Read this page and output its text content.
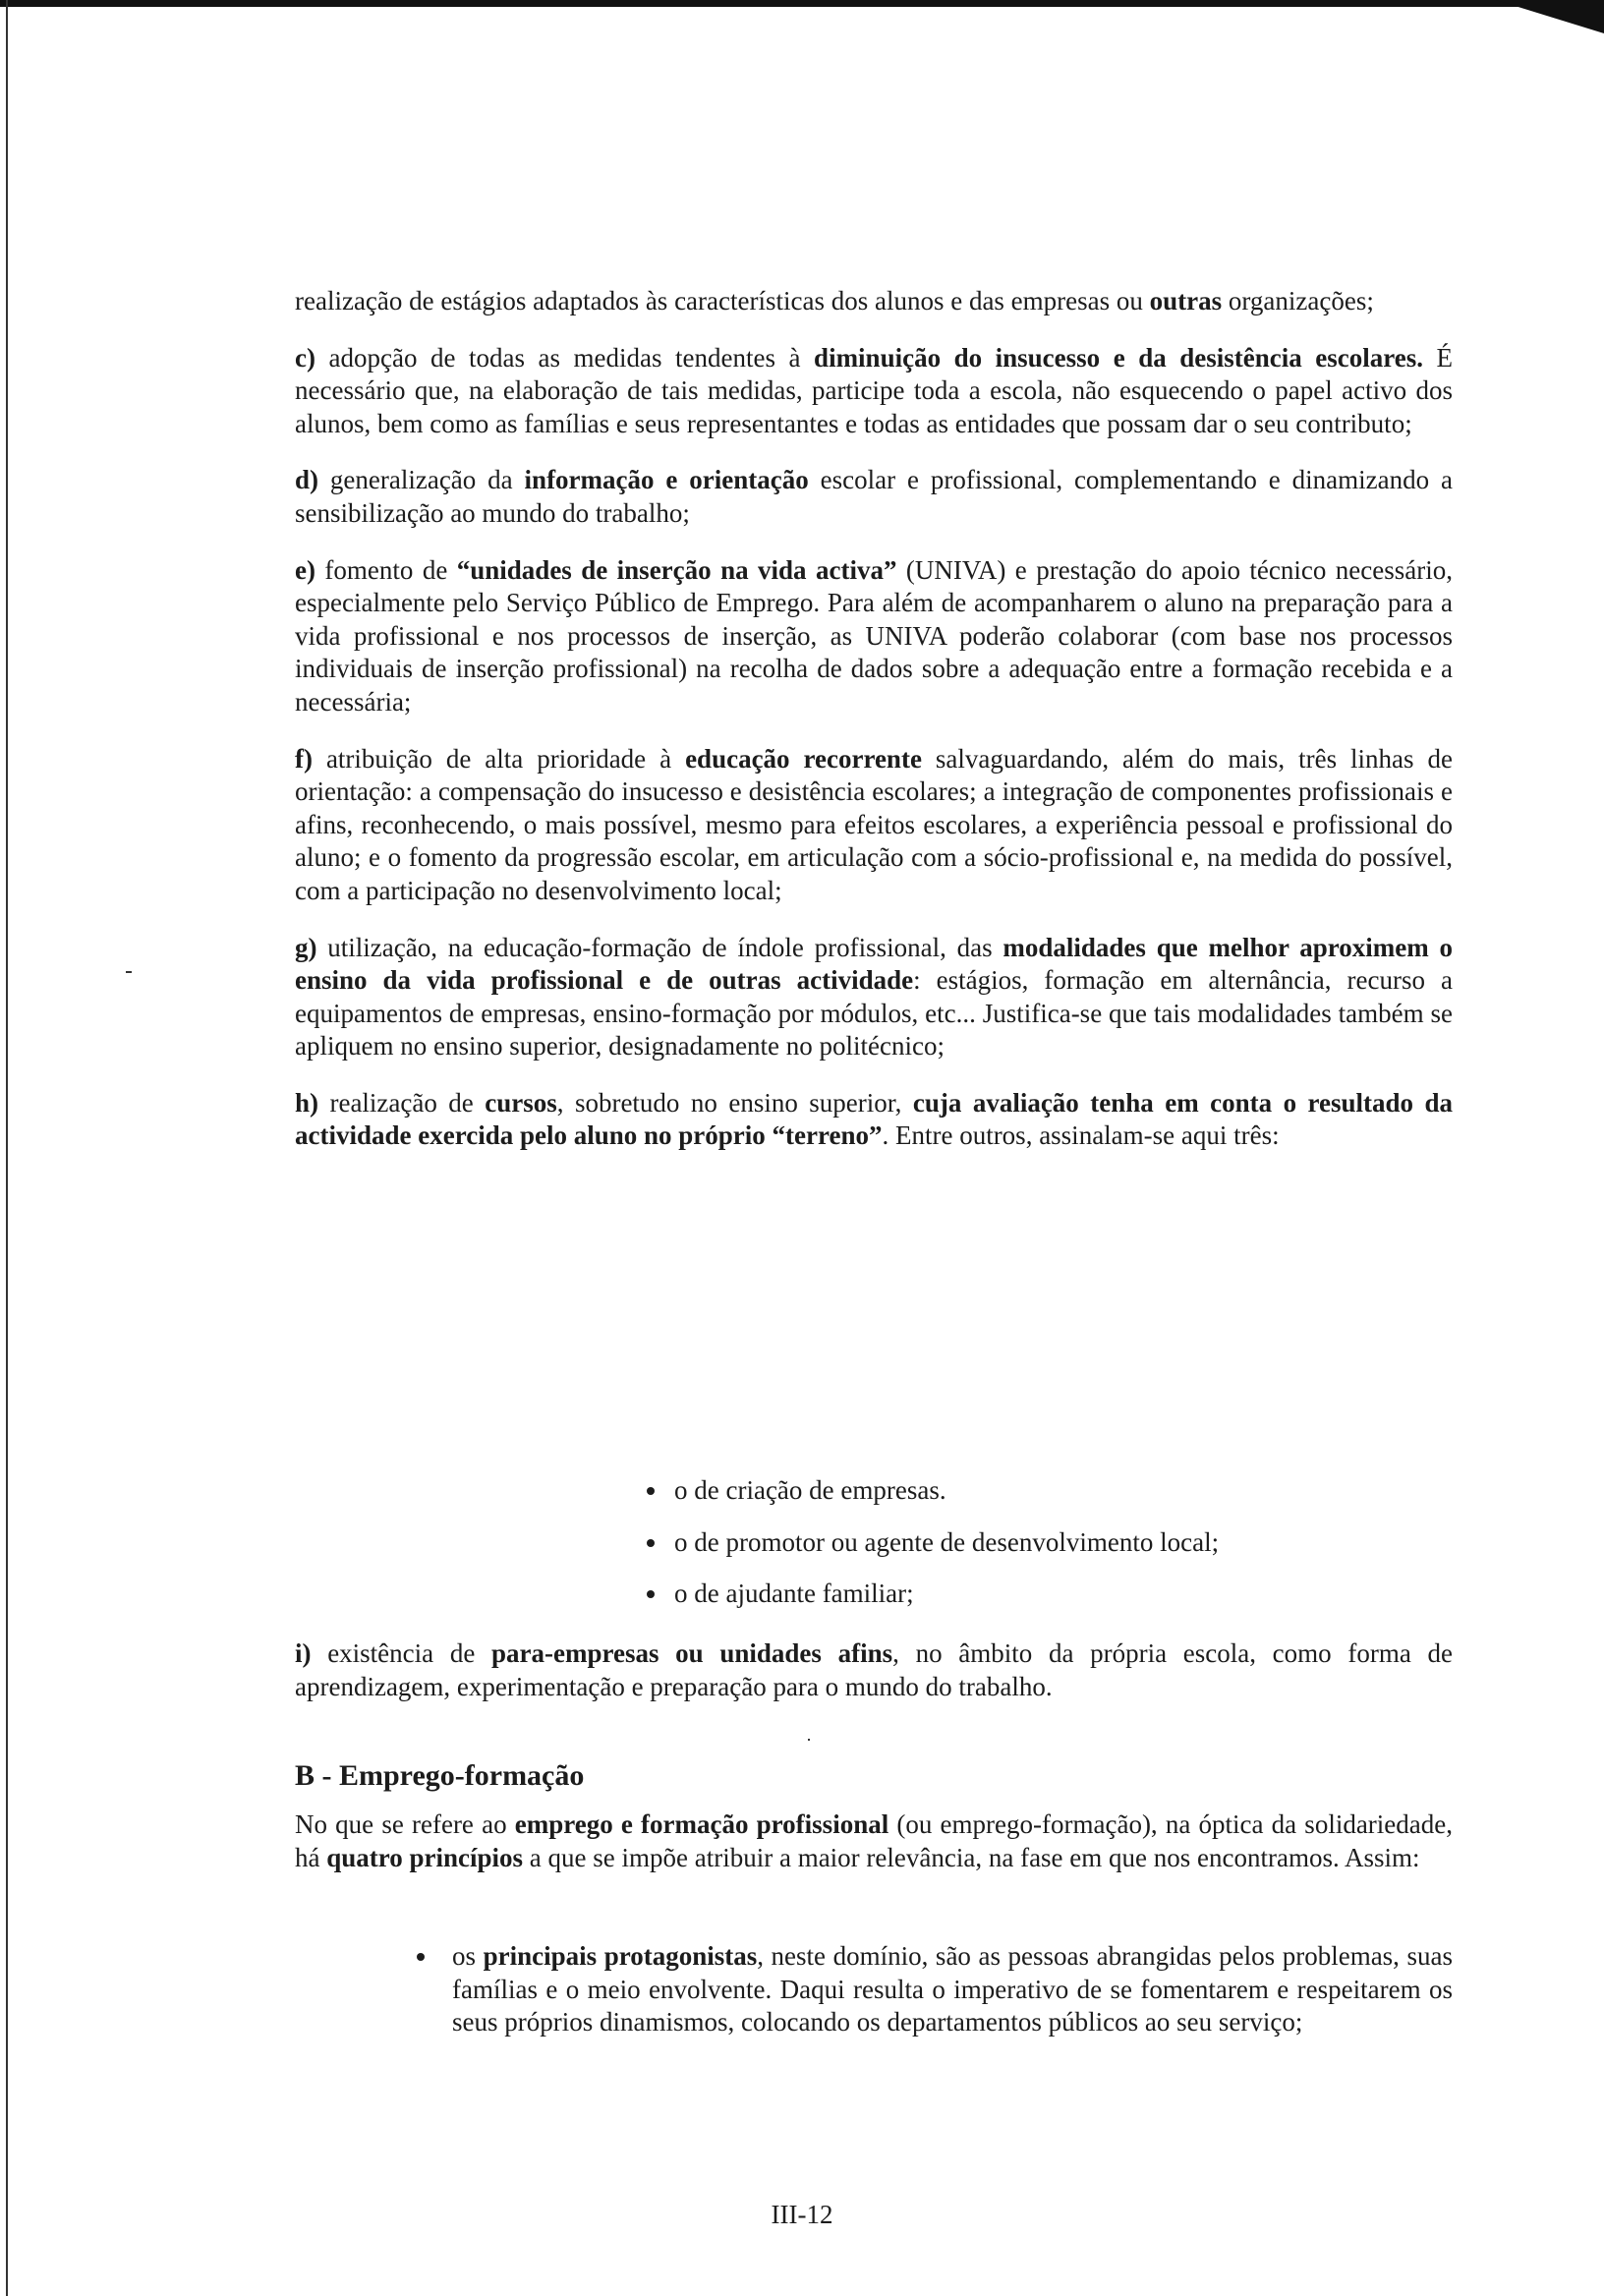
realização de estágios adaptados às características dos alunos e das empresas ou outras organizações;

c) adopção de todas as medidas tendentes à diminuição do insucesso e da desistência escolares. É necessário que, na elaboração de tais medidas, participe toda a escola, não esquecendo o papel activo dos alunos, bem como as famílias e seus representantes e todas as entidades que possam dar o seu contributo;

d) generalização da informação e orientação escolar e profissional, complementando e dinamizando a sensibilização ao mundo do trabalho;

e) fomento de “unidades de inserção na vida activa” (UNIVA) e prestação do apoio técnico necessário, especialmente pelo Serviço Público de Emprego. Para além de acompanharem o aluno na preparação para a vida profissional e nos processos de inserção, as UNIVA poderão colaborar (com base nos processos individuais de inserção profissional) na recolha de dados sobre a adequação entre a formação recebida e a necessária;

f) atribuição de alta prioridade à educação recorrente salvaguardando, além do mais, três linhas de orientação: a compensação do insucesso e desistência escolares; a integração de componentes profissionais e afins, reconhecendo, o mais possível, mesmo para efeitos escolares, a experiência pessoal e profissional do aluno; e o fomento da progressão escolar, em articulação com a sócio-profissional e, na medida do possível, com a participação no desenvolvimento local;

g) utilização, na educação-formação de índole profissional, das modalidades que melhor aproximem o ensino da vida profissional e de outras actividade: estágios, formação em alternância, recurso a equipamentos de empresas, ensino-formação por módulos, etc... Justifica-se que tais modalidades também se apliquem no ensino superior, designadamente no politécnico;

h) realização de cursos, sobretudo no ensino superior, cuja avaliação tenha em conta o resultado da actividade exercida pelo aluno no próprio “terreno”. Entre outros, assinalam-se aqui três:

o de criação de empresas.
o de promotor ou agente de desenvolvimento local;
o de ajudante familiar;

i) existência de para-empresas ou unidades afins, no âmbito da própria escola, como forma de aprendizagem, experimentação e preparação para o mundo do trabalho.

B - Emprego-formação

No que se refere ao emprego e formação profissional (ou emprego-formação), na óptica da solidariedade, há quatro princípios a que se impõe atribuir a maior relevância, na fase em que nos encontramos. Assim:

os principais protagonistas, neste domínio, são as pessoas abrangidas pelos problemas, suas famílias e o meio envolvente. Daqui resulta o imperativo de se fomentarem e respeitarem os seus próprios dinamismos, colocando os departamentos públicos ao seu serviço;
III-12
